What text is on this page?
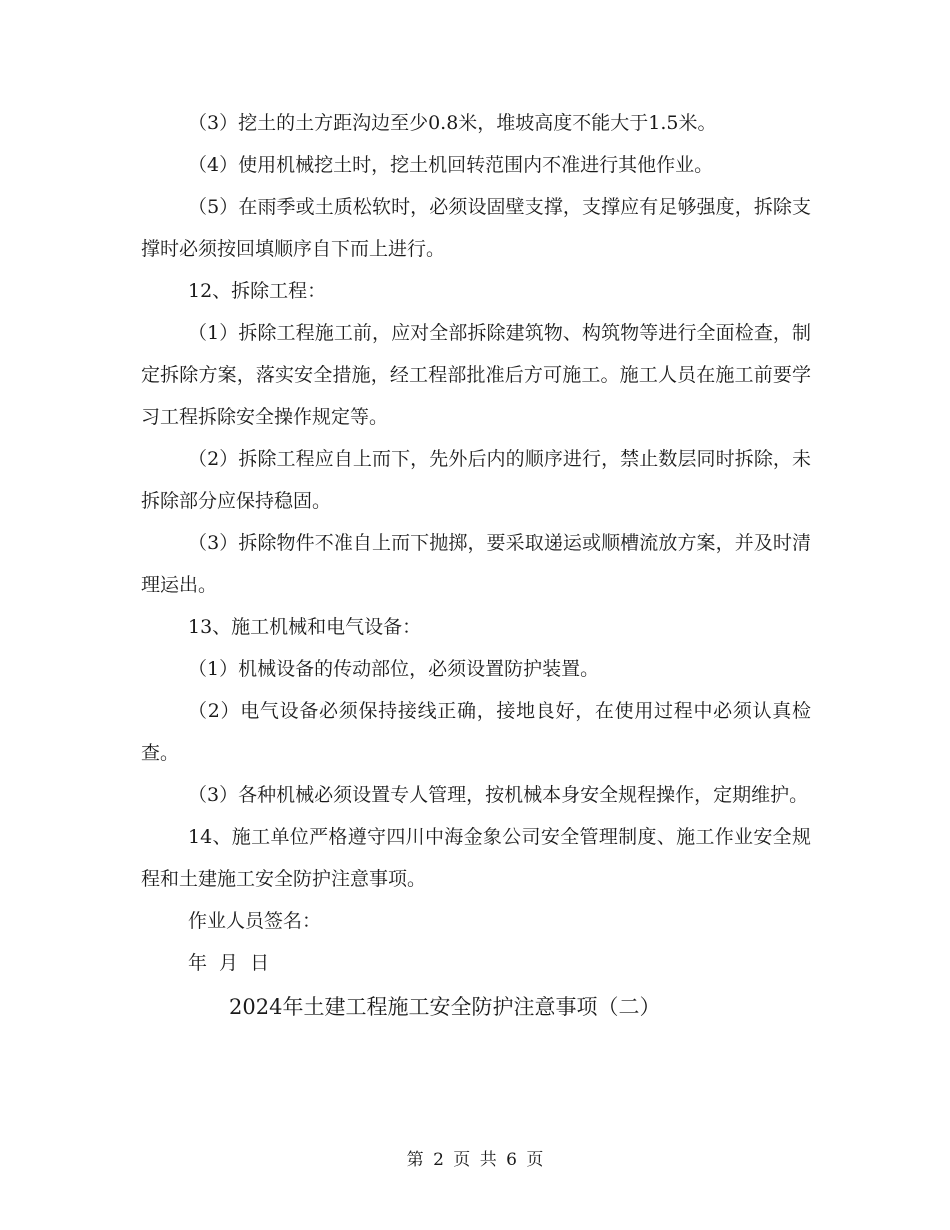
（3）挖土的土方距沟边至少0.8米，堆坡高度不能大于1.5米。

（4）使用机械挖土时，挖土机回转范围内不准进行其他作业。

（5）在雨季或土质松软时，必须设固壁支撑，支撑应有足够强度，拆除支撑时必须按回填顺序自下而上进行。

12、拆除工程：

（1）拆除工程施工前，应对全部拆除建筑物、构筑物等进行全面检查，制定拆除方案，落实安全措施，经工程部批准后方可施工。施工人员在施工前要学习工程拆除安全操作规定等。

（2）拆除工程应自上而下，先外后内的顺序进行，禁止数层同时拆除，未拆除部分应保持稳固。

（3）拆除物件不准自上而下抛掷，要采取递运或顺槽流放方案，并及时清理运出。

13、施工机械和电气设备：

（1）机械设备的传动部位，必须设置防护装置。

（2）电气设备必须保持接线正确，接地良好，在使用过程中必须认真检查。

（3）各种机械必须设置专人管理，按机械本身安全规程操作，定期维护。

14、施工单位严格遵守四川中海金象公司安全管理制度、施工作业安全规程和土建施工安全防护注意事项。

作业人员签名：

年 月 日

2024年土建工程施工安全防护注意事项（二）

第 2 页 共 6 页
